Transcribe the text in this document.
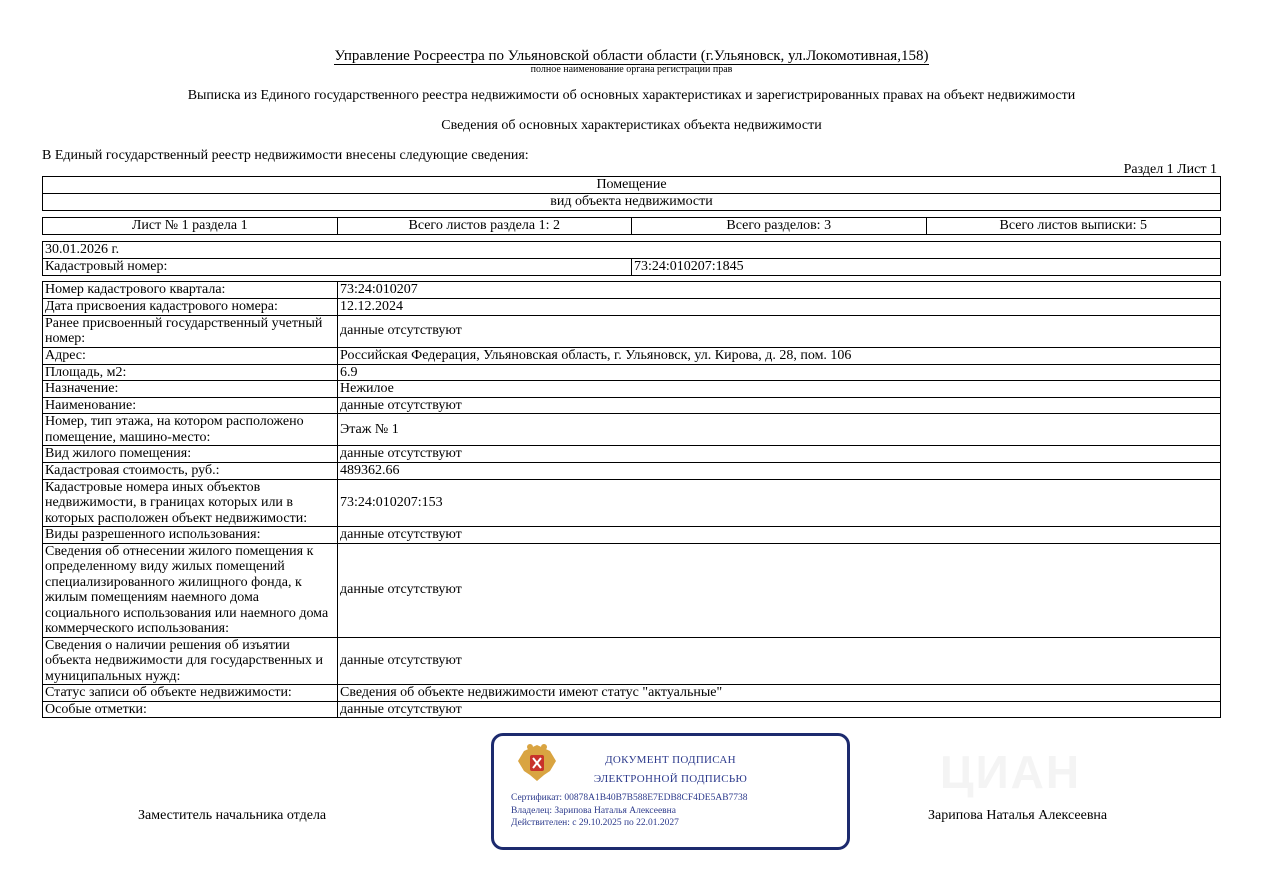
ЦИАН
Управление Росреестра по Ульяновской области области (г.Ульяновск, ул.Локомотивная,158)
полное наименование органа регистрации прав
Выписка из Единого государственного реестра недвижимости об основных характеристиках и зарегистрированных правах на объект недвижимости
Сведения об основных характеристиках объекта недвижимости
В Единый государственный реестр недвижимости внесены следующие сведения:
Раздел 1 Лист 1
Помещение
вид объекта недвижимости
Лист № 1 раздела 1	Всего листов раздела 1: 2	Всего разделов: 3	Всего листов выписки: 5
30.01.2026 г.
Кадастровый номер:	73:24:010207:1845
Номер кадастрового квартала:	73:24:010207
Дата присвоения кадастрового номера:	12.12.2024
Ранее присвоенный государственный учетный номер:	данные отсутствуют
Адрес:	Российская Федерация, Ульяновская область, г. Ульяновск, ул. Кирова, д. 28, пом. 106
Площадь, м2:	6.9
Назначение:	Нежилое
Наименование:	данные отсутствуют
Номер, тип этажа, на котором расположено помещение, машино-место:	Этаж № 1
Вид жилого помещения:	данные отсутствуют
Кадастровая стоимость, руб.:	489362.66
Кадастровые номера иных объектов недвижимости, в границах которых или в которых расположен объект недвижимости:	73:24:010207:153
Виды разрешенного использования:	данные отсутствуют
Сведения об отнесении жилого помещения к определенному виду жилых помещений специализированного жилищного фонда, к жилым помещениям наемного дома социального использования или наемного дома коммерческого использования:	данные отсутствуют
Сведения о наличии решения об изъятии объекта недвижимости для государственных и муниципальных нужд:	данные отсутствуют
Статус записи об объекте недвижимости:	Сведения об объекте недвижимости имеют статус "актуальные"
Особые отметки:	данные отсутствуют
Заместитель начальника отдела	Зарипова Наталья Алексеевна
ДОКУМЕНТ ПОДПИСАН
ЭЛЕКТРОННОЙ ПОДПИСЬЮ
Сертификат: 00878A1B40B7B588E7EDB8CF4DE5AB7738
Владелец: Зарипова Наталья Алексеевна
Действителен: с 29.10.2025 по 22.01.2027
